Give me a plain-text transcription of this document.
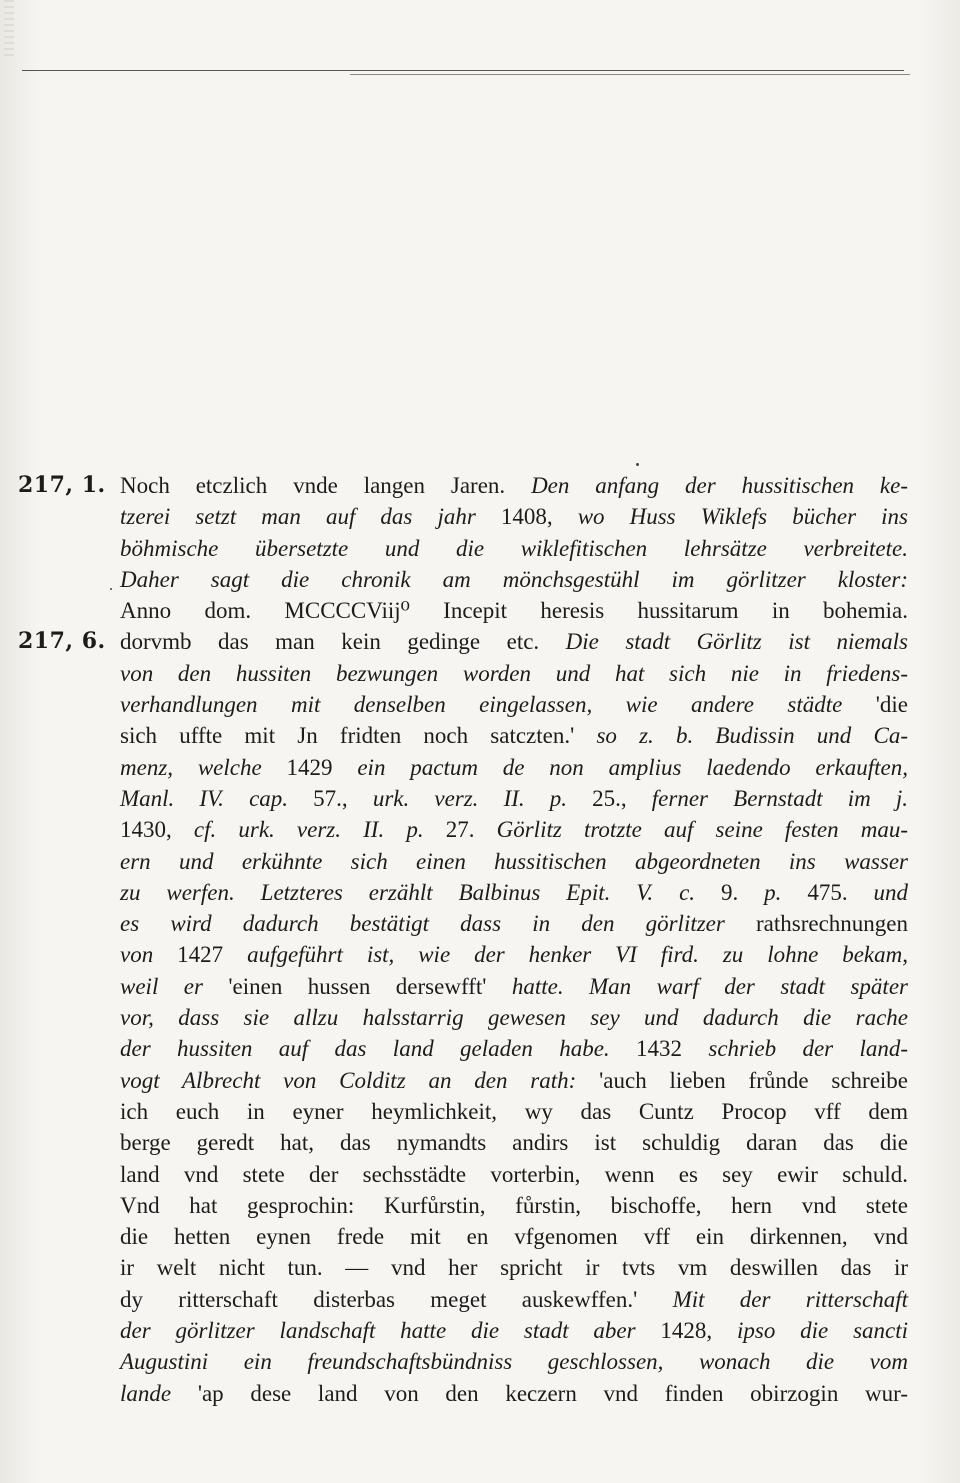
217, 1. Noch etczlich vnde langen Jaren. Den anfang der hussitischen ke-
tzerei setzt man auf das jahr 1408, wo Huss Wiklefs bücher ins
böhmische übersetzte und die wiklefitischen lehrsätze verbreitete.
Daher sagt die chronik am mönchsgestühl im görlitzer kloster:
Anno dom. MCCCCViij⁰ Incepit heresis hussitarum in bohemia.
217, 6. dorvmb das man kein gedinge etc. Die stadt Görlitz ist niemals
von den hussiten bezwungen worden und hat sich nie in friedens-
verhandlungen mit denselben eingelassen, wie andere städte 'die
sich uffte mit Jn fridten noch satczten.' so z. b. Budissin und Ca-
menz, welche 1429 ein pactum de non amplius laedendo erkauften,
Manl. IV. cap. 57., urk. verz. II. p. 25., ferner Bernstadt im j.
1430, cf. urk. verz. II. p. 27. Görlitz trotzte auf seine festen mau-
ern und erkühnte sich einen hussitischen abgeordneten ins wasser
zu werfen. Letzteres erzählt Balbinus Epit. V. c. 9. p. 475. und
es wird dadurch bestätigt dass in den görlitzer rathsrechnungen
von 1427 aufgeführt ist, wie der henker VI fird. zu lohne bekam,
weil er 'einen hussen dersewfft' hatte. Man warf der stadt später
vor, dass sie allzu halsstarrig gewesen sey und dadurch die rache
der hussiten auf das land geladen habe. 1432 schrieb der land-
vogt Albrecht von Colditz an den rath: 'auch lieben frůnde schreibe
ich euch in eyner heymlichkeit, wy das Cuntz Procop vff dem
berge geredt hat, das nymandts andirs ist schuldig daran das die
land vnd stete der sechsstädte vorterbin, wenn es sey ewir schuld.
Vnd hat gesprochin: Kurfůrstin, fůrstin, bischoffe, hern vnd stete
die hetten eynen frede mit en vfgenomen vff ein dirkennen, vnd
ir welt nicht tun. — vnd her spricht ir tvts vm deswillen das ir
dy ritterschaft disterbas meget auskewffen.' Mit der ritterschaft
der görlitzer landschaft hatte die stadt aber 1428, ipso die sancti
Augustini ein freundschaftsbündniss geschlossen, wonach die vom
lande 'ap dese land von den keczern vnd finden obirzogin wur-
